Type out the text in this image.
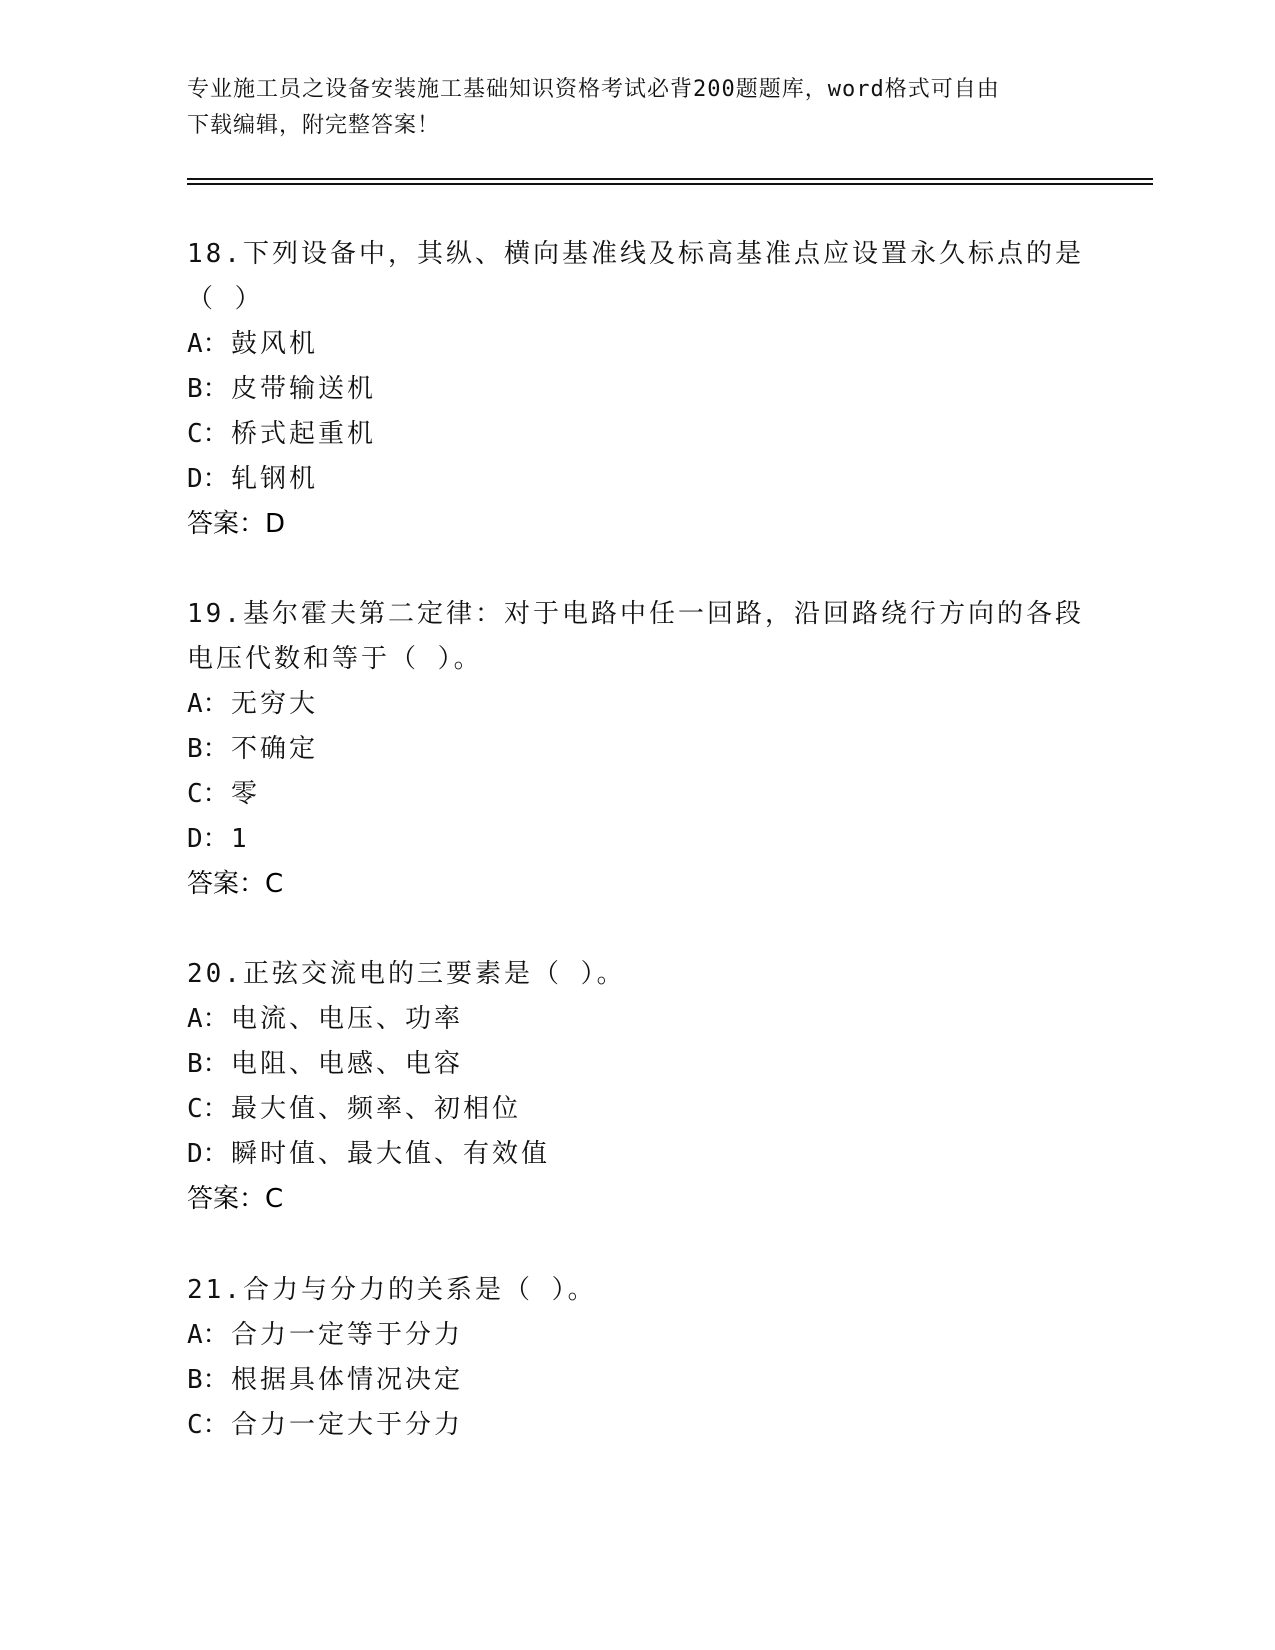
专业施工员之设备安装施工基础知识资格考试必背200题题库，word格式可自由
下载编辑，附完整答案！

18.下列设备中，其纵、横向基准线及标高基准点应设置永久标点的是

（ ）

A：鼓风机

B：皮带输送机

C：桥式起重机

D：轧钢机

答案：D

19.基尔霍夫第二定律：对于电路中任一回路，沿回路绕行方向的各段

电压代数和等于（ ）。

A：无穷大

B：不确定

C：零

D：1

答案：C

20.正弦交流电的三要素是（ ）。

A：电流、电压、功率

B：电阻、电感、电容

C：最大值、频率、初相位

D：瞬时值、最大值、有效值

答案：C

21.合力与分力的关系是（ ）。

A：合力一定等于分力

B：根据具体情况决定

C：合力一定大于分力
